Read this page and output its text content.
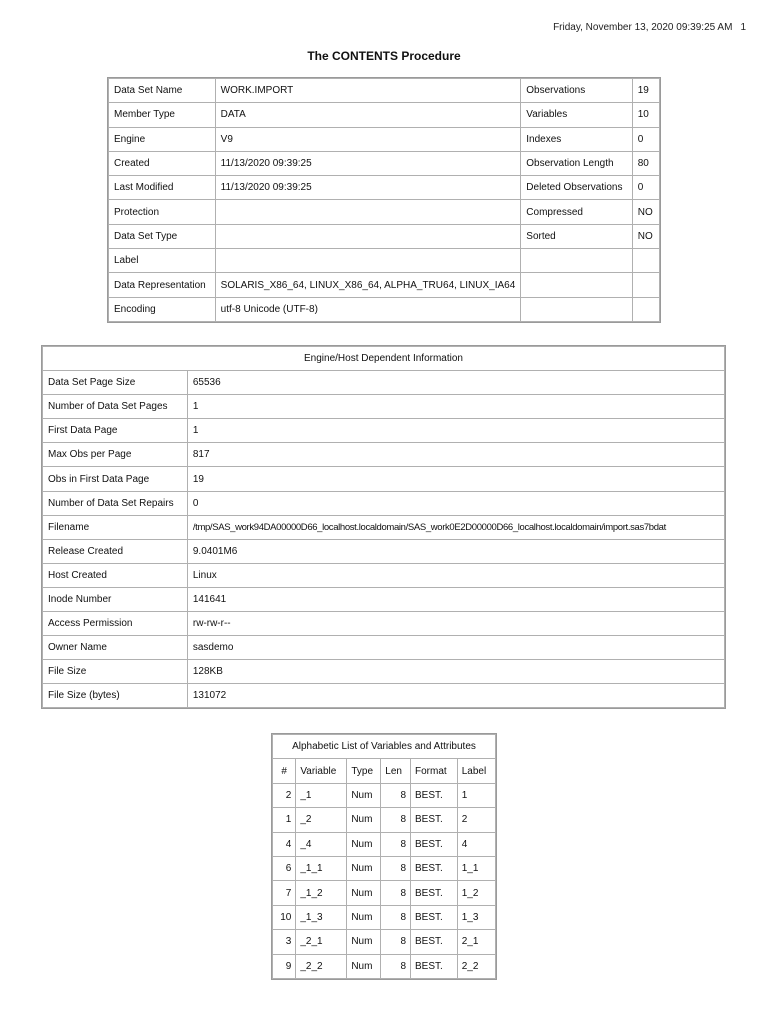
Friday, November 13, 2020 09:39:25 AM 1
The CONTENTS Procedure
Data Set Name	WORK.IMPORT	Observations	19
Member Type	DATA	Variables	10
Engine	V9	Indexes	0
Created	11/13/2020 09:39:25	Observation Length	80
Last Modified	11/13/2020 09:39:25	Deleted Observations	0
Protection		Compressed	NO
Data Set Type		Sorted	NO
Label			
Data Representation	SOLARIS_X86_64, LINUX_X86_64, ALPHA_TRU64, LINUX_IA64		
Encoding	utf-8 Unicode (UTF-8)		
Engine/Host Dependent Information	
Data Set Page Size	65536
Number of Data Set Pages	1
First Data Page	1
Max Obs per Page	817
Obs in First Data Page	19
Number of Data Set Repairs	0
Filename	/tmp/SAS_work94DA00000D66_localhost.localdomain/SAS_work0E2D00000D66_localhost.localdomain/import.sas7bdat
Release Created	9.0401M6
Host Created	Linux
Inode Number	141641
Access Permission	rw-rw-r--
Owner Name	sasdemo
File Size	128KB
File Size (bytes)	131072
Alphabetic List of Variables and Attributes					
#	Variable	Type	Len	Format	Label
2	_1	Num	8	BEST.	1
1	_2	Num	8	BEST.	2
4	_4	Num	8	BEST.	4
6	_1_1	Num	8	BEST.	1_1
7	_1_2	Num	8	BEST.	1_2
10	_1_3	Num	8	BEST.	1_3
3	_2_1	Num	8	BEST.	2_1
9	_2_2	Num	8	BEST.	2_2
